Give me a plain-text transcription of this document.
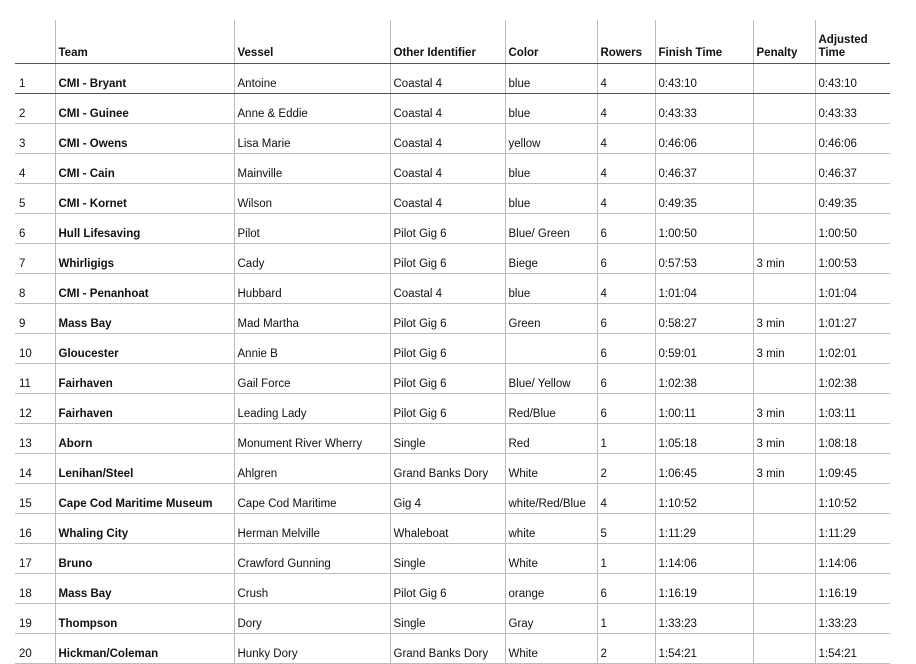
	Team	Vessel	Other Identifier	Color	Rowers	Finish Time	Penalty	Adjusted Time
1	CMI - Bryant	Antoine	Coastal 4	blue	4	0:43:10		0:43:10
2	CMI - Guinee	Anne & Eddie	Coastal 4	blue	4	0:43:33		0:43:33
3	CMI - Owens	Lisa Marie	Coastal 4	yellow	4	0:46:06		0:46:06
4	CMI - Cain	Mainville	Coastal 4	blue	4	0:46:37		0:46:37
5	CMI - Kornet	Wilson	Coastal 4	blue	4	0:49:35		0:49:35
6	Hull Lifesaving	Pilot	Pilot Gig 6	Blue/ Green	6	1:00:50		1:00:50
7	Whirligigs	Cady	Pilot Gig 6	Biege	6	0:57:53	3 min	1:00:53
8	CMI - Penanhoat	Hubbard	Coastal 4	blue	4	1:01:04		1:01:04
9	Mass Bay	Mad Martha	Pilot Gig 6	Green	6	0:58:27	3 min	1:01:27
10	Gloucester	Annie B	Pilot Gig 6		6	0:59:01	3 min	1:02:01
11	Fairhaven	Gail Force	Pilot Gig 6	Blue/ Yellow	6	1:02:38		1:02:38
12	Fairhaven	Leading Lady	Pilot Gig 6	Red/Blue	6	1:00:11	3 min	1:03:11
13	Aborn	Monument River Wherry	Single	Red	1	1:05:18	3 min	1:08:18
14	Lenihan/Steel	Ahlgren	Grand Banks Dory	White	2	1:06:45	3 min	1:09:45
15	Cape Cod Maritime Museum	Cape Cod Maritime	Gig 4	white/Red/Blue	4	1:10:52		1:10:52
16	Whaling City	Herman Melville	Whaleboat	white	5	1:11:29		1:11:29
17	Bruno	Crawford Gunning	Single	White	1	1:14:06		1:14:06
18	Mass Bay	Crush	Pilot Gig 6	orange	6	1:16:19		1:16:19
19	Thompson	Dory	Single	Gray	1	1:33:23		1:33:23
20	Hickman/Coleman	Hunky Dory	Grand Banks Dory	White	2	1:54:21		1:54:21
